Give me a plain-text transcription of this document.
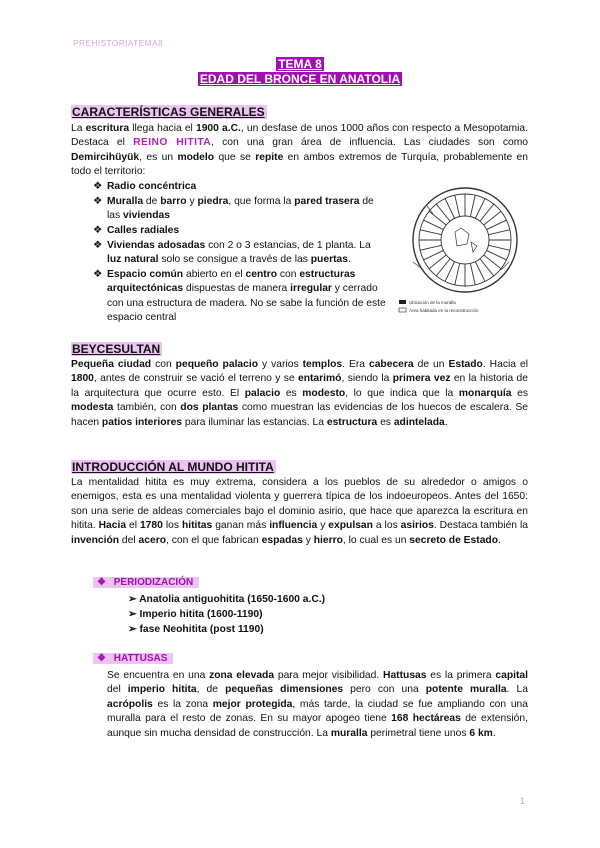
PREHISTORIATEMA8
TEMA 8
EDAD DEL BRONCE EN ANATOLIA
CARACTERÍSTICAS GENERALES
La escritura llega hacia el 1900 a.C., un desfase de unos 1000 años con respecto a Mesopotamia. Destaca el REINO HITITA, con una gran área de influencia. Las ciudades son como Demircihüyük, es un modelo que se repite en ambos extremos de Turquía, probablemente en todo el territorio:
❖ Radio concéntrica
❖ Muralla de barro y piedra, que forma la pared trasera de las viviendas
❖ Calles radiales
❖ Viviendas adosadas con 2 o 3 estancias, de 1 planta. La luz natural solo se consigue a través de las puertas.
❖ Espacio común abierto en el centro con estructuras arquitectónicas dispuestas de manera irregular y cerrado con una estructura de madera. No se sabe la función de este espacio central
Ubicación de la muralla
Área habitada en la reconstrucción
BEYCESULTAN
Pequeña ciudad con pequeño palacio y varios templos. Era cabecera de un Estado. Hacia el 1800, antes de construir se vació el terreno y se entarimó, siendo la primera vez en la historia de la arquitectura que ocurre esto. El palacio es modesto, lo que indica que la monarquía es modesta también, con dos plantas como muestran las evidencias de los huecos de escalera. Se hacen patios interiores para iluminar las estancias. La estructura es adintelada.
INTRODUCCIÓN AL MUNDO HITITA
La mentalidad hitita es muy extrema, considera a los pueblos de su alrededor o amigos o enemigos, esta es una mentalidad violenta y guerrera típica de los indoeuropeos. Antes del 1650: son una serie de aldeas comerciales bajo el dominio asirio, que hace que aparezca la escritura en hitita. Hacia el 1780 los hititas ganan más influencia y expulsan a los asirios. Destaca también la invención del acero, con el que fabrican espadas y hierro, lo cual es un secreto de Estado.
❖ PERIODIZACIÓN
➢ Anatolia antiguohitita (1650-1600 a.C.)
➢ Imperio hitita (1600-1190)
➢ fase Neohitita (post 1190)
❖ HATTUSAS
Se encuentra en una zona elevada para mejor visibilidad. Hattusas es la primera capital del imperio hitita, de pequeñas dimensiones pero con una potente muralla. La acrópolis es la zona mejor protegida, más tarde, la ciudad se fue ampliando con una muralla para el resto de zonas. En su mayor apogeo tiene 168 hectáreas de extensión, aunque sin mucha densidad de construcción. La muralla perimetral tiene unos 6 km.
1
